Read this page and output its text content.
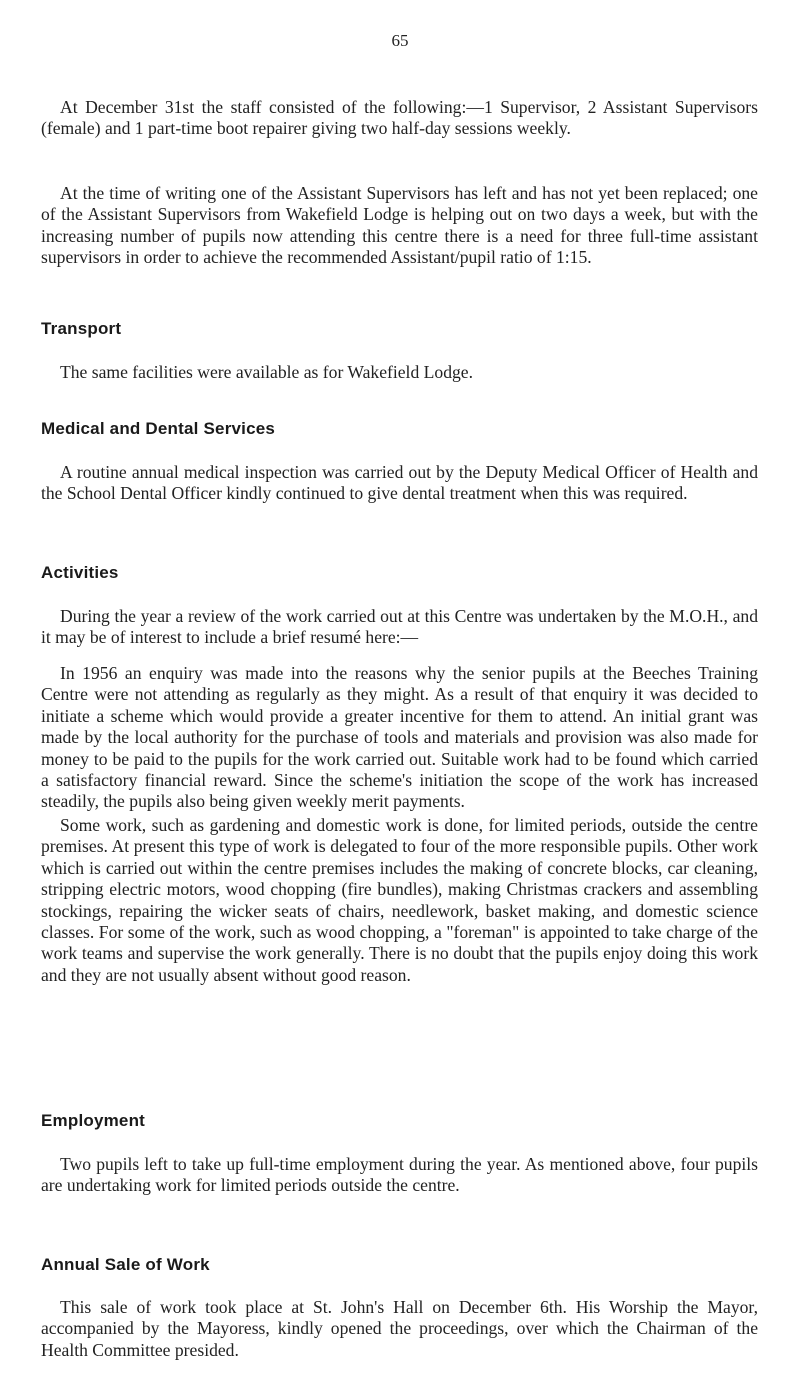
65

At December 31st the staff consisted of the following:—1 Supervisor, 2 Assistant Supervisors (female) and 1 part-time boot repairer giving two half-day sessions weekly.

At the time of writing one of the Assistant Supervisors has left and has not yet been replaced; one of the Assistant Supervisors from Wakefield Lodge is helping out on two days a week, but with the increasing number of pupils now attending this centre there is a need for three full-time assistant supervisors in order to achieve the recommended Assistant/pupil ratio of 1:15.

Transport

The same facilities were available as for Wakefield Lodge.

Medical and Dental Services

A routine annual medical inspection was carried out by the Deputy Medical Officer of Health and the School Dental Officer kindly continued to give dental treatment when this was required.

Activities

During the year a review of the work carried out at this Centre was undertaken by the M.O.H., and it may be of interest to include a brief resumé here:—

In 1956 an enquiry was made into the reasons why the senior pupils at the Beeches Training Centre were not attending as regularly as they might. As a result of that enquiry it was decided to initiate a scheme which would provide a greater incentive for them to attend. An initial grant was made by the local authority for the purchase of tools and materials and provision was also made for money to be paid to the pupils for the work carried out. Suitable work had to be found which carried a satisfactory financial reward. Since the scheme's initiation the scope of the work has increased steadily, the pupils also being given weekly merit payments.

Some work, such as gardening and domestic work is done, for limited periods, outside the centre premises. At present this type of work is delegated to four of the more responsible pupils. Other work which is carried out within the centre premises includes the making of concrete blocks, car cleaning, stripping electric motors, wood chopping (fire bundles), making Christmas crackers and assembling stockings, repairing the wicker seats of chairs, needlework, basket making, and domestic science classes. For some of the work, such as wood chopping, a "foreman" is appointed to take charge of the work teams and supervise the work generally. There is no doubt that the pupils enjoy doing this work and they are not usually absent without good reason.

Employment

Two pupils left to take up full-time employment during the year. As mentioned above, four pupils are undertaking work for limited periods outside the centre.

Annual Sale of Work

This sale of work took place at St. John's Hall on December 6th. His Worship the Mayor, accompanied by the Mayoress, kindly opened the proceedings, over which the Chairman of the Health Committee presided.
